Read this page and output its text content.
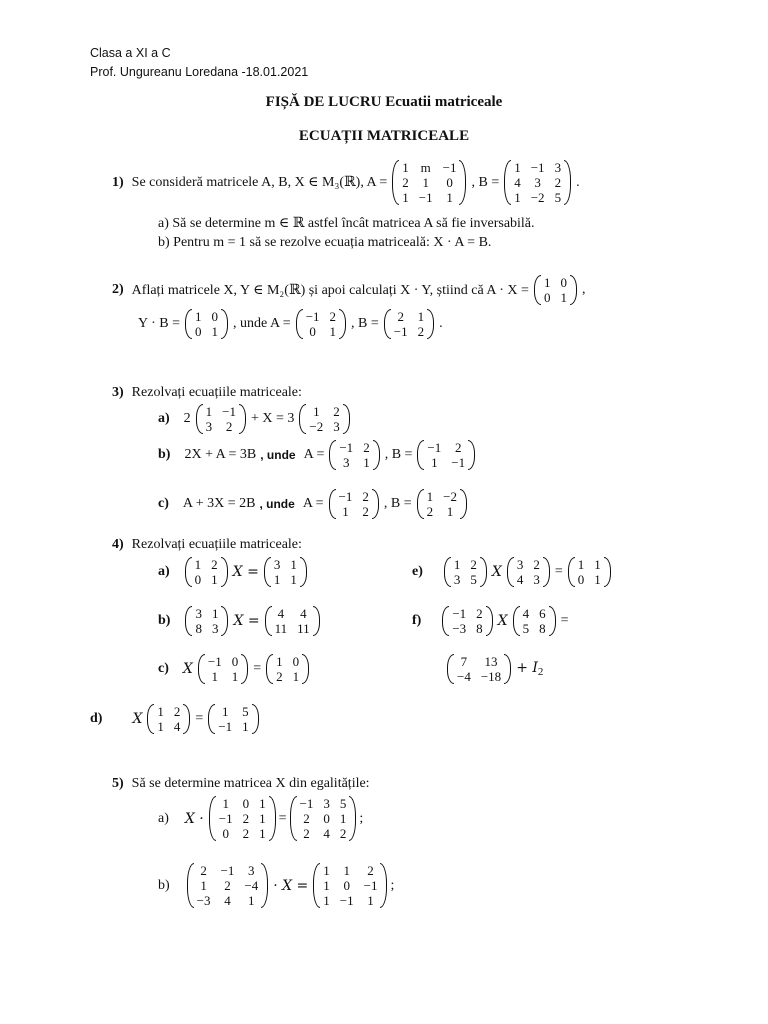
Clasa a XI a C
Prof. Ungureanu Loredana -18.01.2021
FIȘĂ DE LUCRU Ecuatii matriceale
ECUAȚII MATRICEALE
1) Se consideră matricele A, B, X ∈ M₃(ℝ), A =
1 m −1
2 1 0
1 −1 1
, B =
1 −1 3
4 3 2
1 −2 5
.
a) Să se determine m ∈ ℝ astfel încât matricea A să fie inversabilă.
b) Pentru m = 1 să se rezolve ecuația matriceală: X · A = B.
2) Aflați matricele X, Y ∈ M₂(ℝ) și apoi calculați X · Y, știind că A · X = 1 0
0 1
,
Y · B = 1 0
0 1
, unde A = −1 2
0 1
, B = 2 1
−1 2
.
3) Rezolvați ecuațiile matriceale:
a) 2 1 −1
3 2
+ X = 3 1 2
−2 3
b) 2X + A = 3B , unde A = −1 2
3 1
, B = −1 2
1 −1
c) A + 3X = 2B , unde A = −1 2
1 2
, B = 1 −2
2 1
4) Rezolvați ecuațiile matriceale:
a) 1 2
0 1 X = 3 1
1 1
b) 3 1
8 3 X = 4 4
11 11
c) X −1 0
1 1
= 1 0
2 1
d) X 1 2
1 4
= 1 5
−1 1
e) 1 2
3 5 X 3 2
4 3
= 1 1
0 1
f) −1 2
−3 8 X 4 6
5 8
=
7 13
−4 −18
+ $I_2$
5) Să se determine matricea X din egalitățile:
a) X ·
1 0 1
−1 2 1
0 2 1
=
−1 3 5
2 0 1
2 4 2
;
b)
2 −1 3
1 2 −4
−3 4 1
· X =
1 1 2
1 0 −1
1 −1 1
;
